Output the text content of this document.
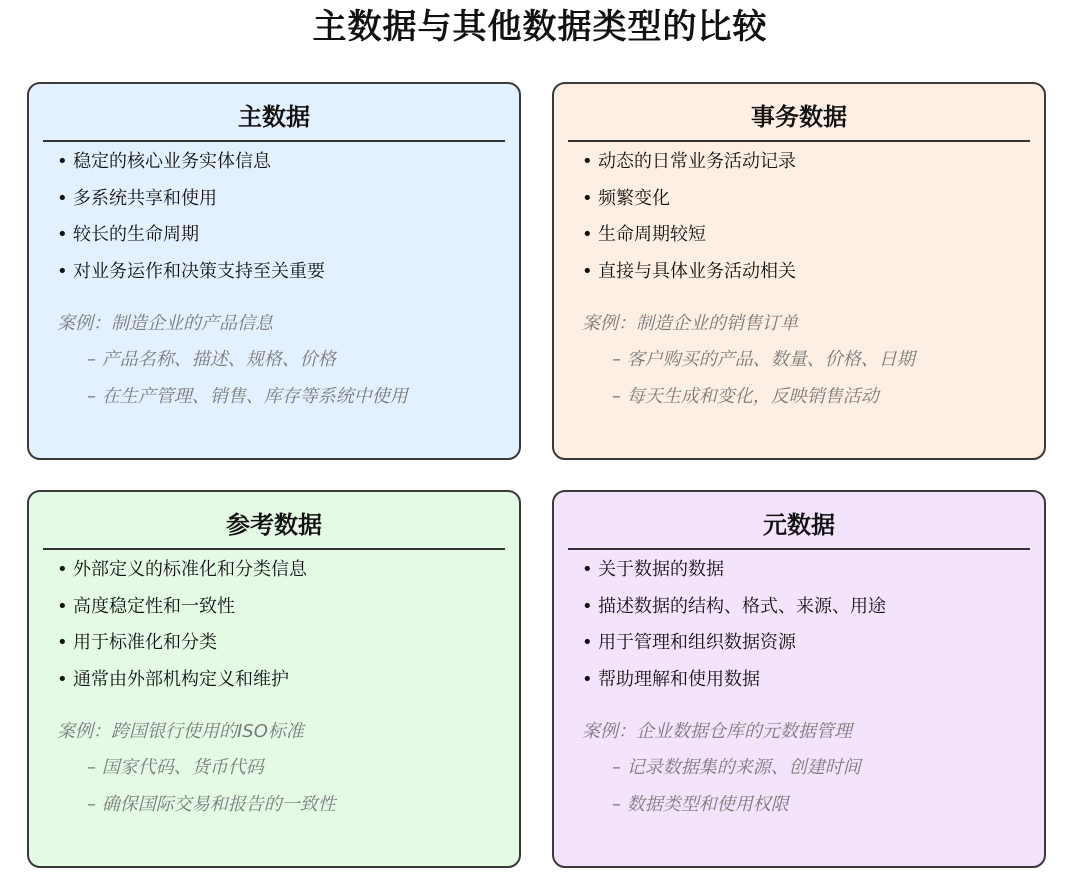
主数据与其他数据类型的比较
主数据
• 稳定的核心业务实体信息
• 多系统共享和使用
• 较长的生命周期
• 对业务运作和决策支持至关重要
案例：制造企业的产品信息
– 产品名称、描述、规格、价格
– 在生产管理、销售、库存等系统中使用
事务数据
• 动态的日常业务活动记录
• 频繁变化
• 生命周期较短
• 直接与具体业务活动相关
案例：制造企业的销售订单
– 客户购买的产品、数量、价格、日期
– 每天生成和变化，反映销售活动
参考数据
• 外部定义的标准化和分类信息
• 高度稳定性和一致性
• 用于标准化和分类
• 通常由外部机构定义和维护
案例：跨国银行使用的ISO标准
– 国家代码、货币代码
– 确保国际交易和报告的一致性
元数据
• 关于数据的数据
• 描述数据的结构、格式、来源、用途
• 用于管理和组织数据资源
• 帮助理解和使用数据
案例：企业数据仓库的元数据管理
– 记录数据集的来源、创建时间
– 数据类型和使用权限
